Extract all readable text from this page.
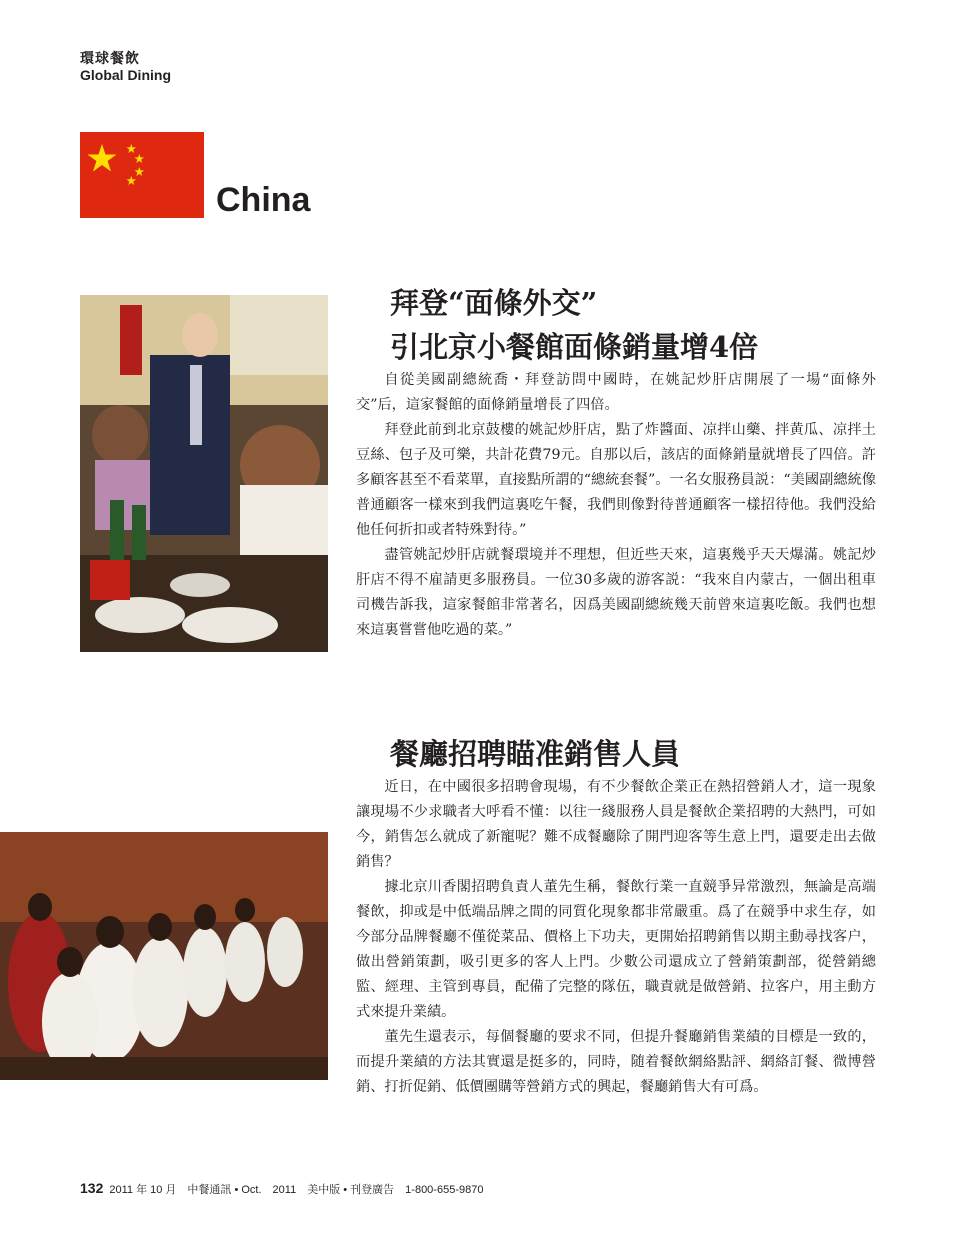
環球餐飲
Global Dining
China
拜登“面條外交”
引北京小餐館面條銷量增4倍

自從美國副總統喬・拜登訪問中國時，在姚記炒肝店開展了一場“面條外交”后，這家餐館的面條銷量增長了四倍。

拜登此前到北京鼓樓的姚記炒肝店，點了炸醬面、凉拌山藥、拌黄瓜、凉拌土豆絲、包子及可樂，共計花費79元。自那以后，該店的面條銷量就增長了四倍。許多顧客甚至不看菜單，直接點所謂的“總統套餐”。一名女服務員説：“美國副總統像普通顧客一樣來到我們這裏吃午餐，我們則像對待普通顧客一樣招待他。我們没給他任何折扣或者特殊對待。”

盡管姚記炒肝店就餐環境并不理想，但近些天來，這裏幾乎天天爆滿。姚記炒肝店不得不雇請更多服務員。一位30多歲的游客説：“我來自内蒙古，一個出租車司機告訴我，這家餐館非常著名，因爲美國副總統幾天前曾來這裏吃飯。我們也想來這裏嘗嘗他吃過的菜。”

餐廳招聘瞄准銷售人員

近日，在中國很多招聘會現場，有不少餐飲企業正在熱招營銷人才，這一現象讓現場不少求職者大呼看不懂：以往一綫服務人員是餐飲企業招聘的大熱門，可如今，銷售怎么就成了新寵呢？難不成餐廳除了開門迎客等生意上門，還要走出去做銷售？

據北京川香閣招聘負責人董先生稱，餐飲行業一直競爭异常激烈，無論是高端餐飲，抑或是中低端品牌之間的同質化現象都非常嚴重。爲了在競爭中求生存，如今部分品牌餐廳不僅從菜品、價格上下功夫，更開始招聘銷售以期主動尋找客户，做出營銷策劃，吸引更多的客人上門。少數公司還成立了營銷策劃部，從營銷總監、經理、主管到專員，配備了完整的隊伍，職責就是做營銷、拉客户，用主動方式來提升業績。

董先生還表示，每個餐廳的要求不同，但提升餐廳銷售業績的目標是一致的，而提升業績的方法其實還是挺多的，同時，随着餐飲網絡點評、網絡訂餐、微博營銷、打折促銷、低價團購等營銷方式的興起，餐廳銷售大有可爲。

132 2011 年 10 月　中餐通訊 • Oct.　2011　美中版 • 刊登廣告　1-800-655-9870
